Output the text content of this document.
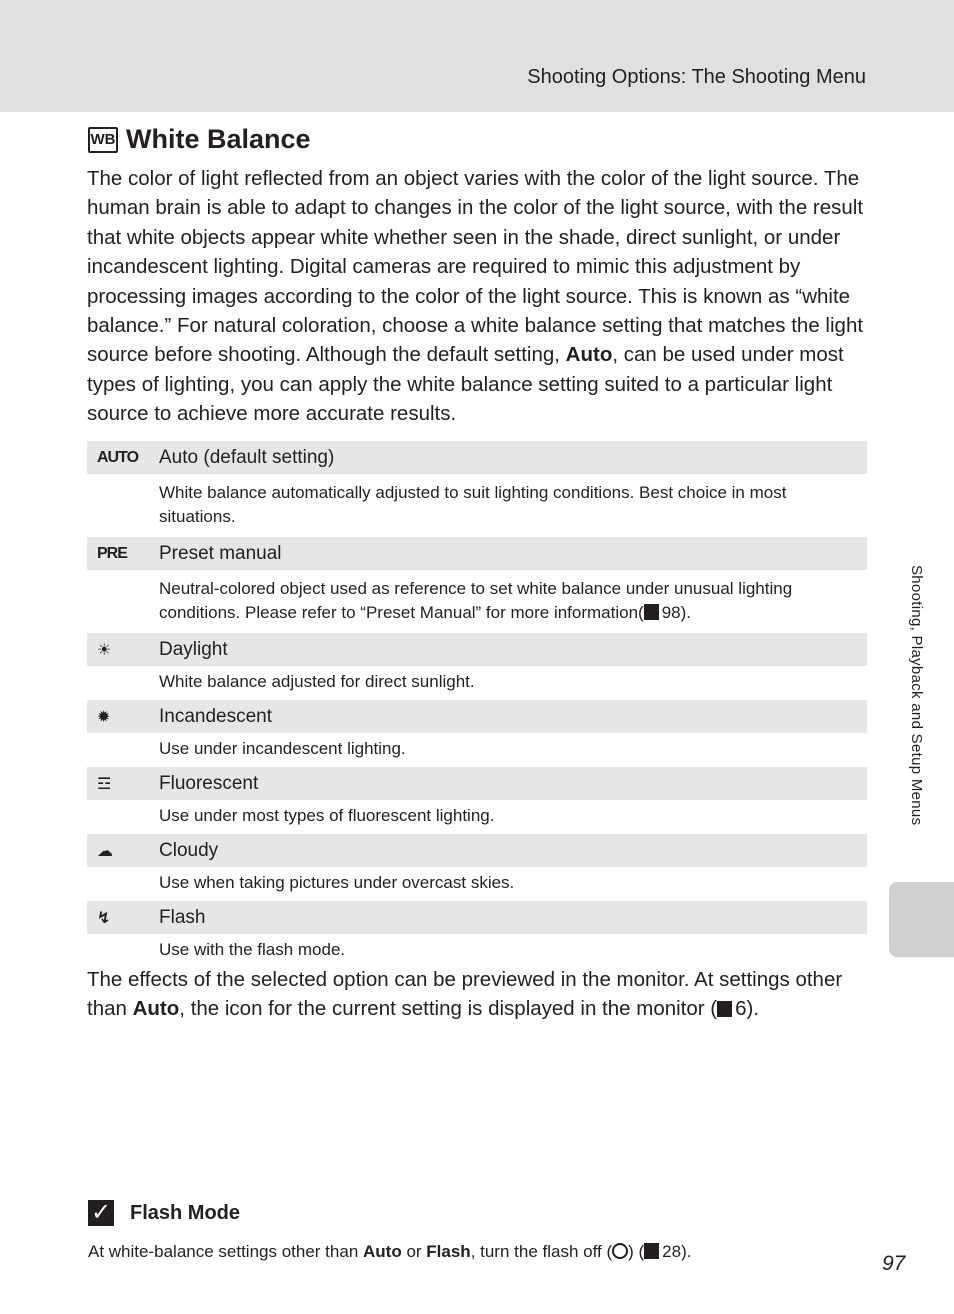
Shooting Options: The Shooting Menu
Shooting, Playback and Setup Menus
WB White Balance

The color of light reflected from an object varies with the color of the light source. The human brain is able to adapt to changes in the color of the light source, with the result that white objects appear white whether seen in the shade, direct sunlight, or under incandescent lighting. Digital cameras are required to mimic this adjustment by processing images according to the color of the light source. This is known as “white balance.” For natural coloration, choose a white balance setting that matches the light source before shooting. Although the default setting, Auto, can be used under most types of lighting, you can apply the white balance setting suited to a particular light source to achieve more accurate results.

AUTO	Auto (default setting)
White balance automatically adjusted to suit lighting conditions. Best choice in most situations.
PRE	Preset manual
Neutral-colored object used as reference to set white balance under unusual lighting conditions. Please refer to “Preset Manual” for more information( 98).
☀	Daylight
White balance adjusted for direct sunlight.
✹	Incandescent
Use under incandescent lighting.
☲	Fluorescent
Use under most types of fluorescent lighting.
☁	Cloudy
Use when taking pictures under overcast skies.
↯	Flash
Use with the flash mode.

The effects of the selected option can be previewed in the monitor. At settings other than Auto, the icon for the current setting is displayed in the monitor ( 6).

✓ Flash Mode
At white-balance settings other than Auto or Flash, turn the flash off ( ) ( 28).
97
